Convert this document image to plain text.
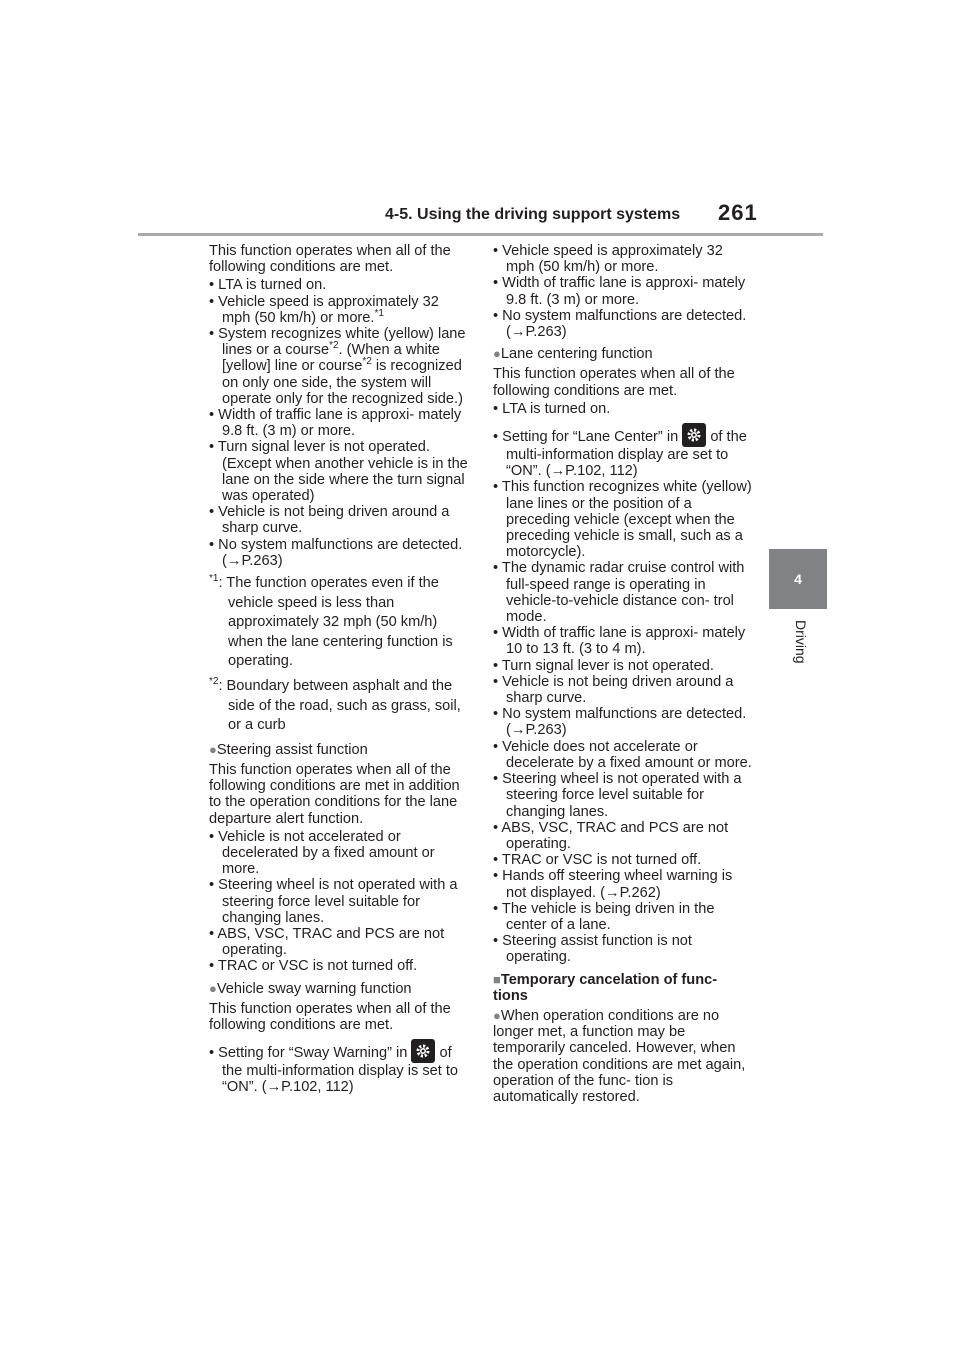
4-5. Using the driving support systems 261
4
Driving

This function operates when all of the following conditions are met.

• LTA is turned on.

• Vehicle speed is approximately 32 mph (50 km/h) or more.$^{*1}$

• System recognizes white (yellow) lane lines or a course$^{*2}$. (When a white [yellow] line or course$^{*2}$ is recognized on only one side, the system will operate only for the recognized side.)

• Width of traffic lane is approxi- mately 9.8 ft. (3 m) or more.

• Turn signal lever is not operated. (Except when another vehicle is in the lane on the side where the turn signal was operated)

• Vehicle is not being driven around a sharp curve.

• No system malfunctions are detected. (→P.263)

$^{*1}$: The function operates even if the vehicle speed is less than approximately 32 mph (50 km/h) when the lane centering function is operating.

$^{*2}$: Boundary between asphalt and the side of the road, such as grass, soil, or a curb

●Steering assist function

This function operates when all of the following conditions are met in addition to the operation conditions for the lane departure alert function.

• Vehicle is not accelerated or decelerated by a fixed amount or more.

• Steering wheel is not operated with a steering force level suitable for changing lanes.

• ABS, VSC, TRAC and PCS are not operating.

• TRAC or VSC is not turned off.

●Vehicle sway warning function

This function operates when all of the following conditions are met.

• Setting for “Sway Warning” in
of the multi-information display is set to “ON”. (→P.102, 112)

• Vehicle speed is approximately 32 mph (50 km/h) or more.

• Width of traffic lane is approxi- mately 9.8 ft. (3 m) or more.

• No system malfunctions are detected. (→P.263)

●Lane centering function

This function operates when all of the following conditions are met.

• LTA is turned on.

• Setting for “Lane Center” in
of the multi-information display are set to “ON”. (→P.102, 112)

• This function recognizes white (yellow) lane lines or the position of a preceding vehicle (except when the preceding vehicle is small, such as a motorcycle).

• The dynamic radar cruise control with full-speed range is operating in vehicle-to-vehicle distance con- trol mode.

• Width of traffic lane is approxi- mately 10 to 13 ft. (3 to 4 m).

• Turn signal lever is not operated.

• Vehicle is not being driven around a sharp curve.

• No system malfunctions are detected. (→P.263)

• Vehicle does not accelerate or decelerate by a fixed amount or more.

• Steering wheel is not operated with a steering force level suitable for changing lanes.

• ABS, VSC, TRAC and PCS are not operating.

• TRAC or VSC is not turned off.

• Hands off steering wheel warning is not displayed. (→P.262)

• The vehicle is being driven in the center of a lane.

• Steering assist function is not operating.

■Temporary cancelation of func- tions

●When operation conditions are no longer met, a function may be temporarily canceled. However, when the operation conditions are met again, operation of the func- tion is automatically restored.
